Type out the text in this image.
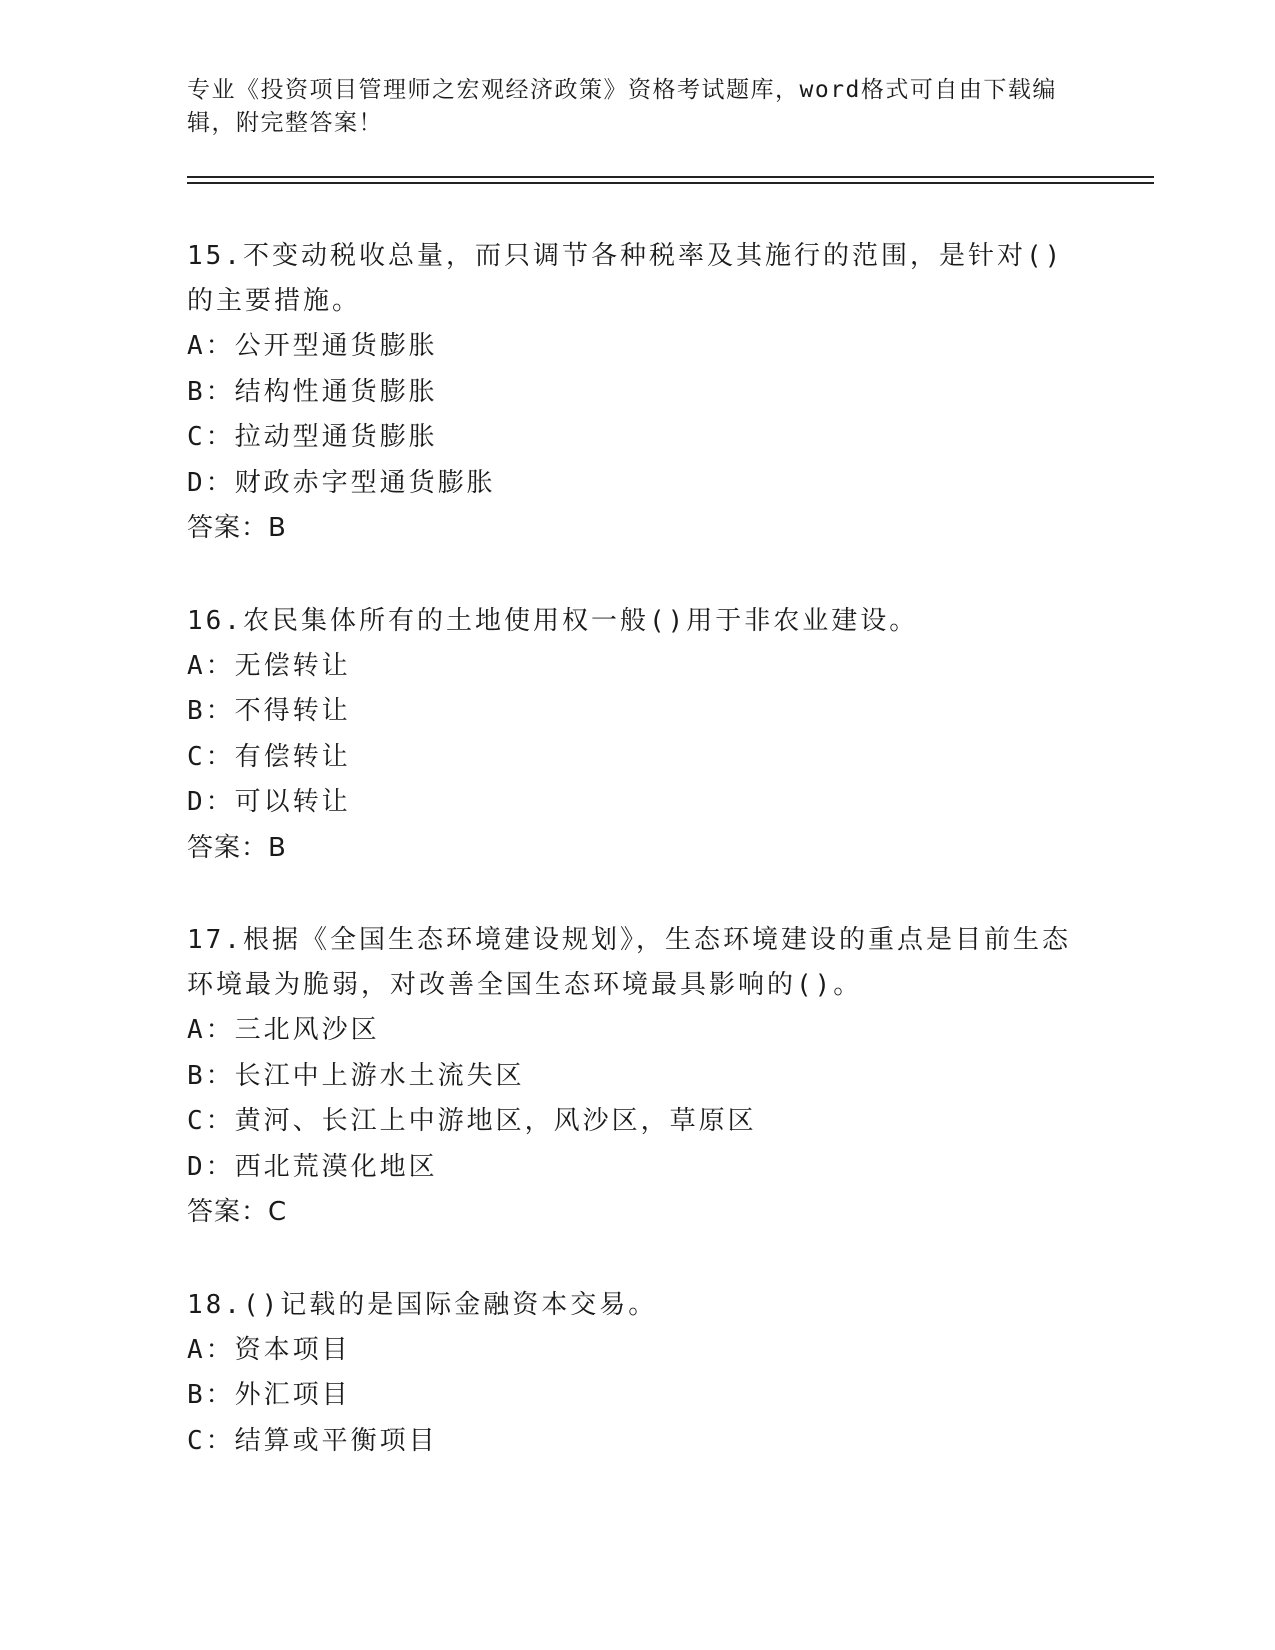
专业《投资项目管理师之宏观经济政策》资格考试题库，word格式可自由下载编辑，附完整答案！

15.不变动税收总量，而只调节各种税率及其施行的范围，是针对()的主要措施。

A：公开型通货膨胀

B：结构性通货膨胀

C：拉动型通货膨胀

D：财政赤字型通货膨胀

答案：B

16.农民集体所有的土地使用权一般()用于非农业建设。

A：无偿转让

B：不得转让

C：有偿转让

D：可以转让

答案：B

17.根据《全国生态环境建设规划》，生态环境建设的重点是目前生态环境最为脆弱，对改善全国生态环境最具影响的()。

A：三北风沙区

B：长江中上游水土流失区

C：黄河、长江上中游地区，风沙区，草原区

D：西北荒漠化地区

答案：C

18.()记载的是国际金融资本交易。

A：资本项目

B：外汇项目

C：结算或平衡项目
